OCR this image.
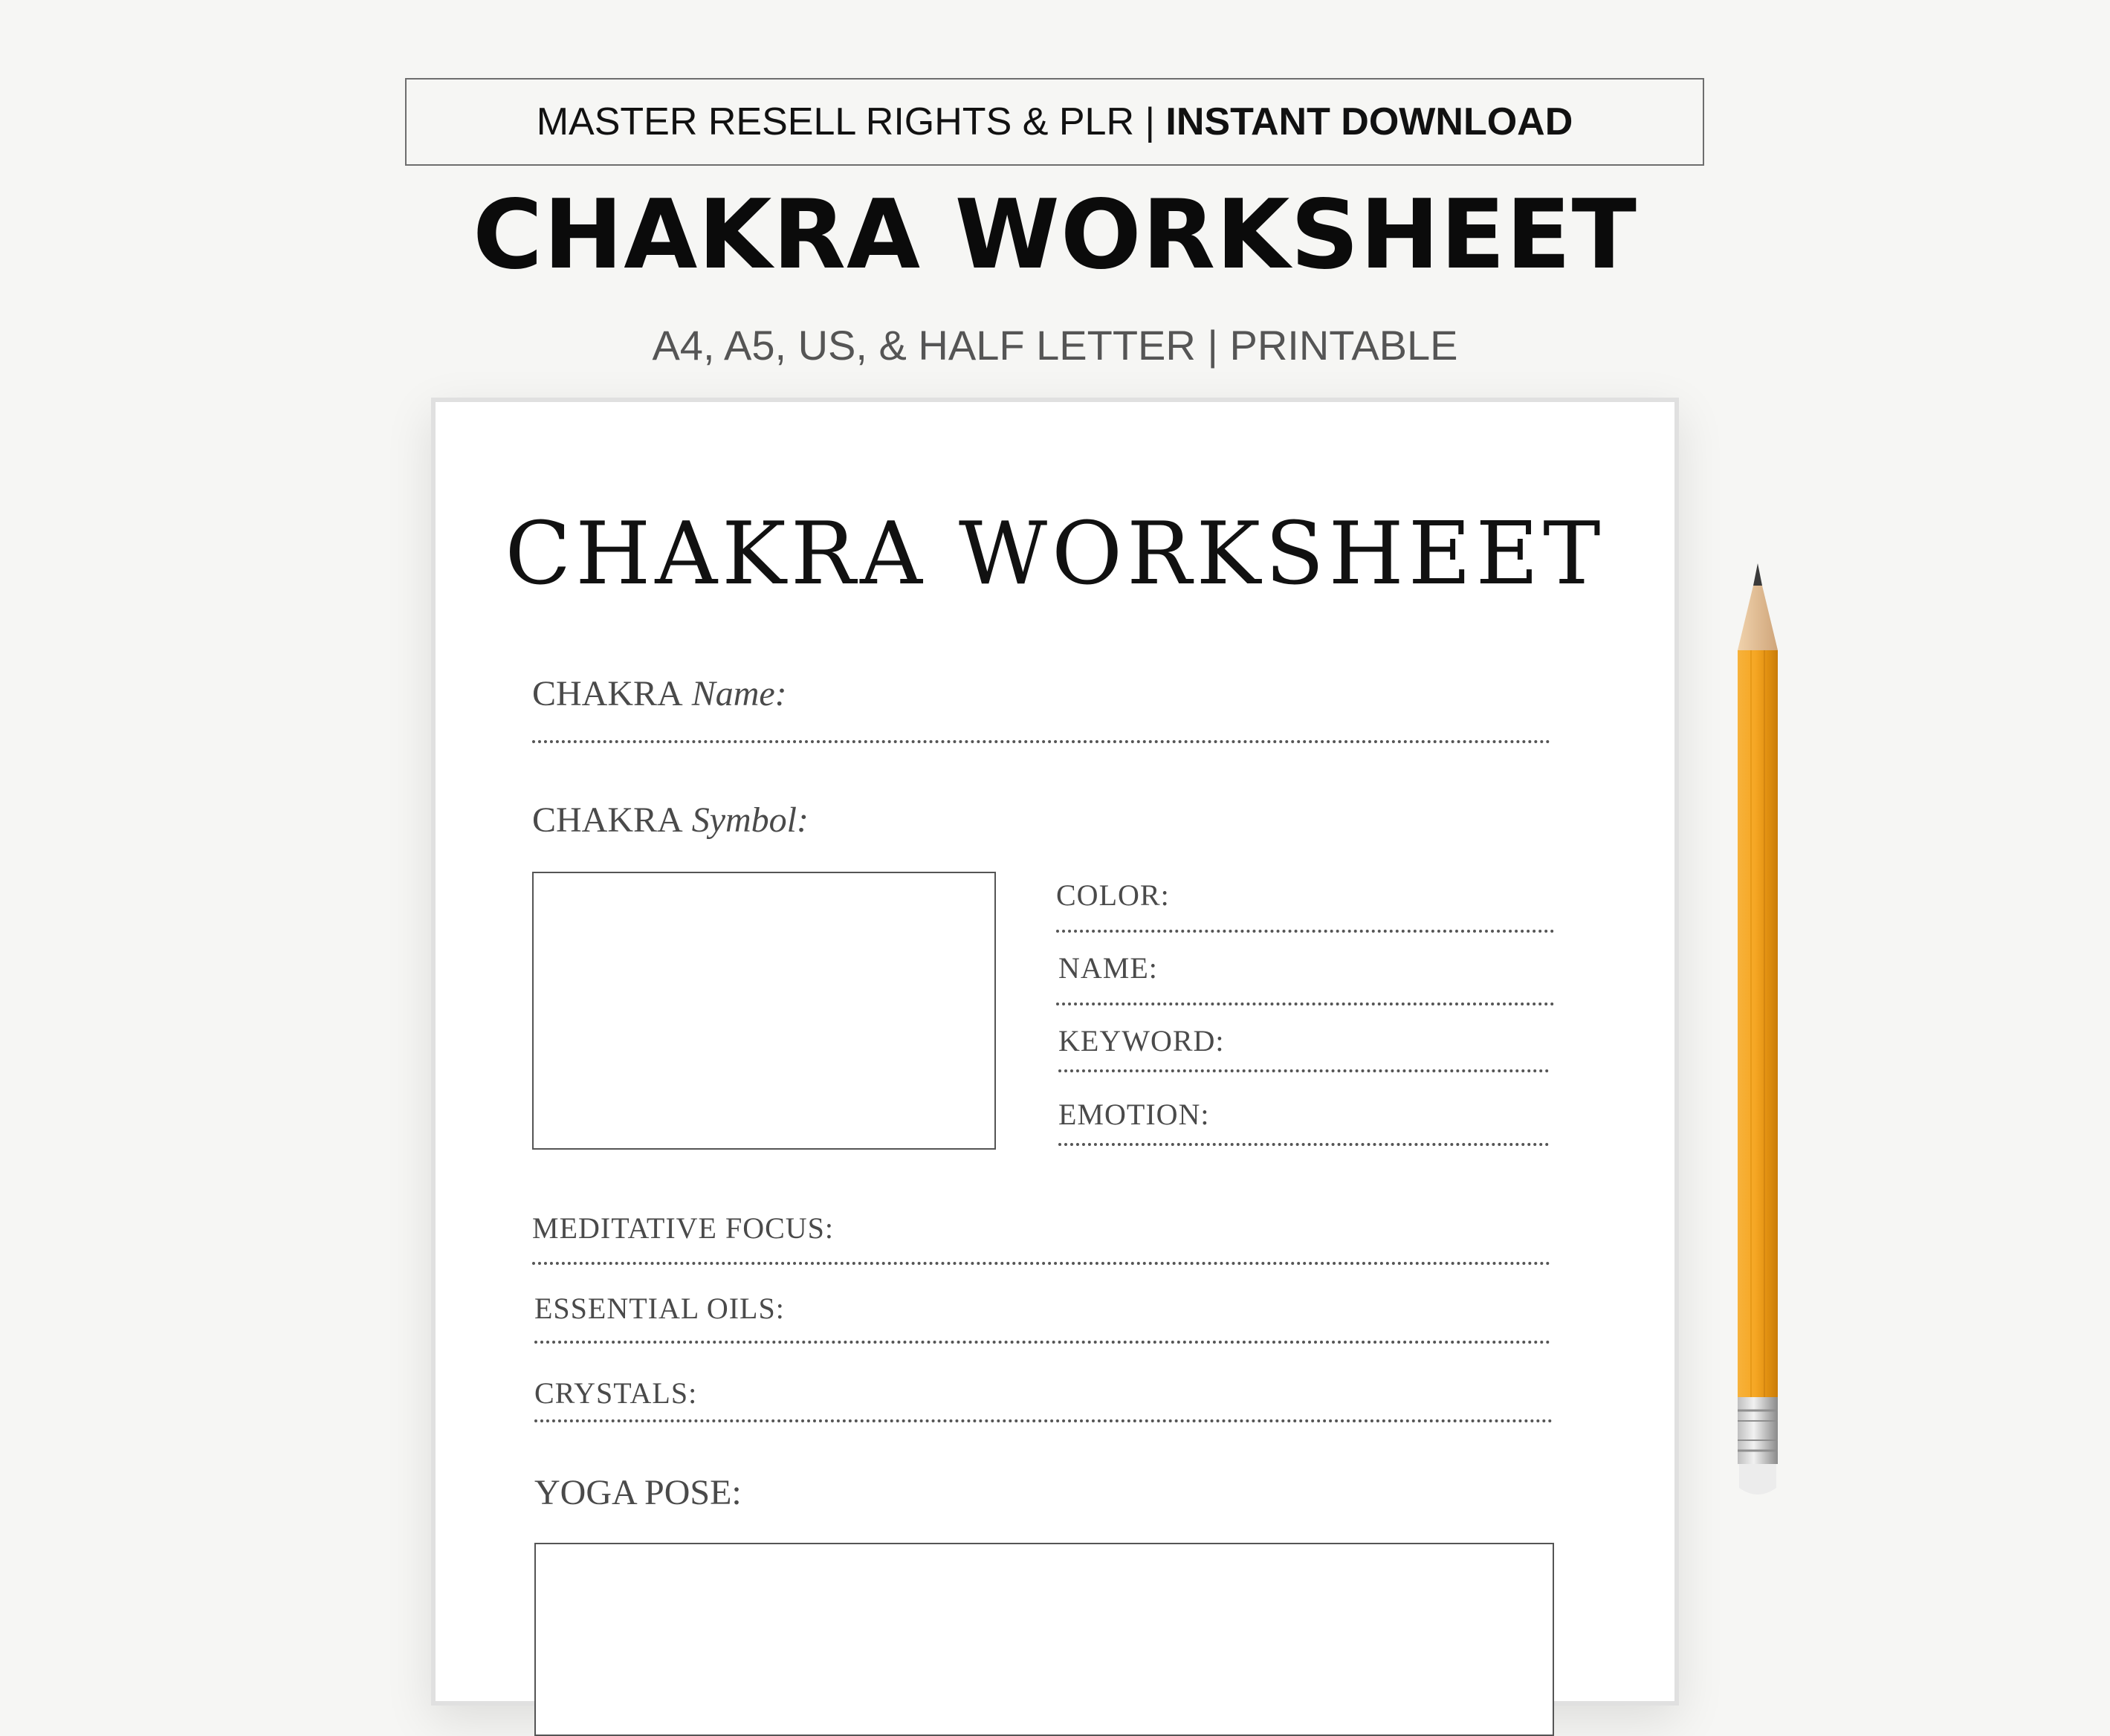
MASTER RESELL RIGHTS & PLR | INSTANT DOWNLOAD
CHAKRA WORKSHEET
A4, A5, US, & HALF LETTER | PRINTABLE
CHAKRA WORKSHEET
CHAKRA Name:
CHAKRA Symbol:
COLOR:
NAME:
KEYWORD:
EMOTION:
MEDITATIVE FOCUS:
ESSENTIAL OILS:
CRYSTALS:
YOGA POSE:
